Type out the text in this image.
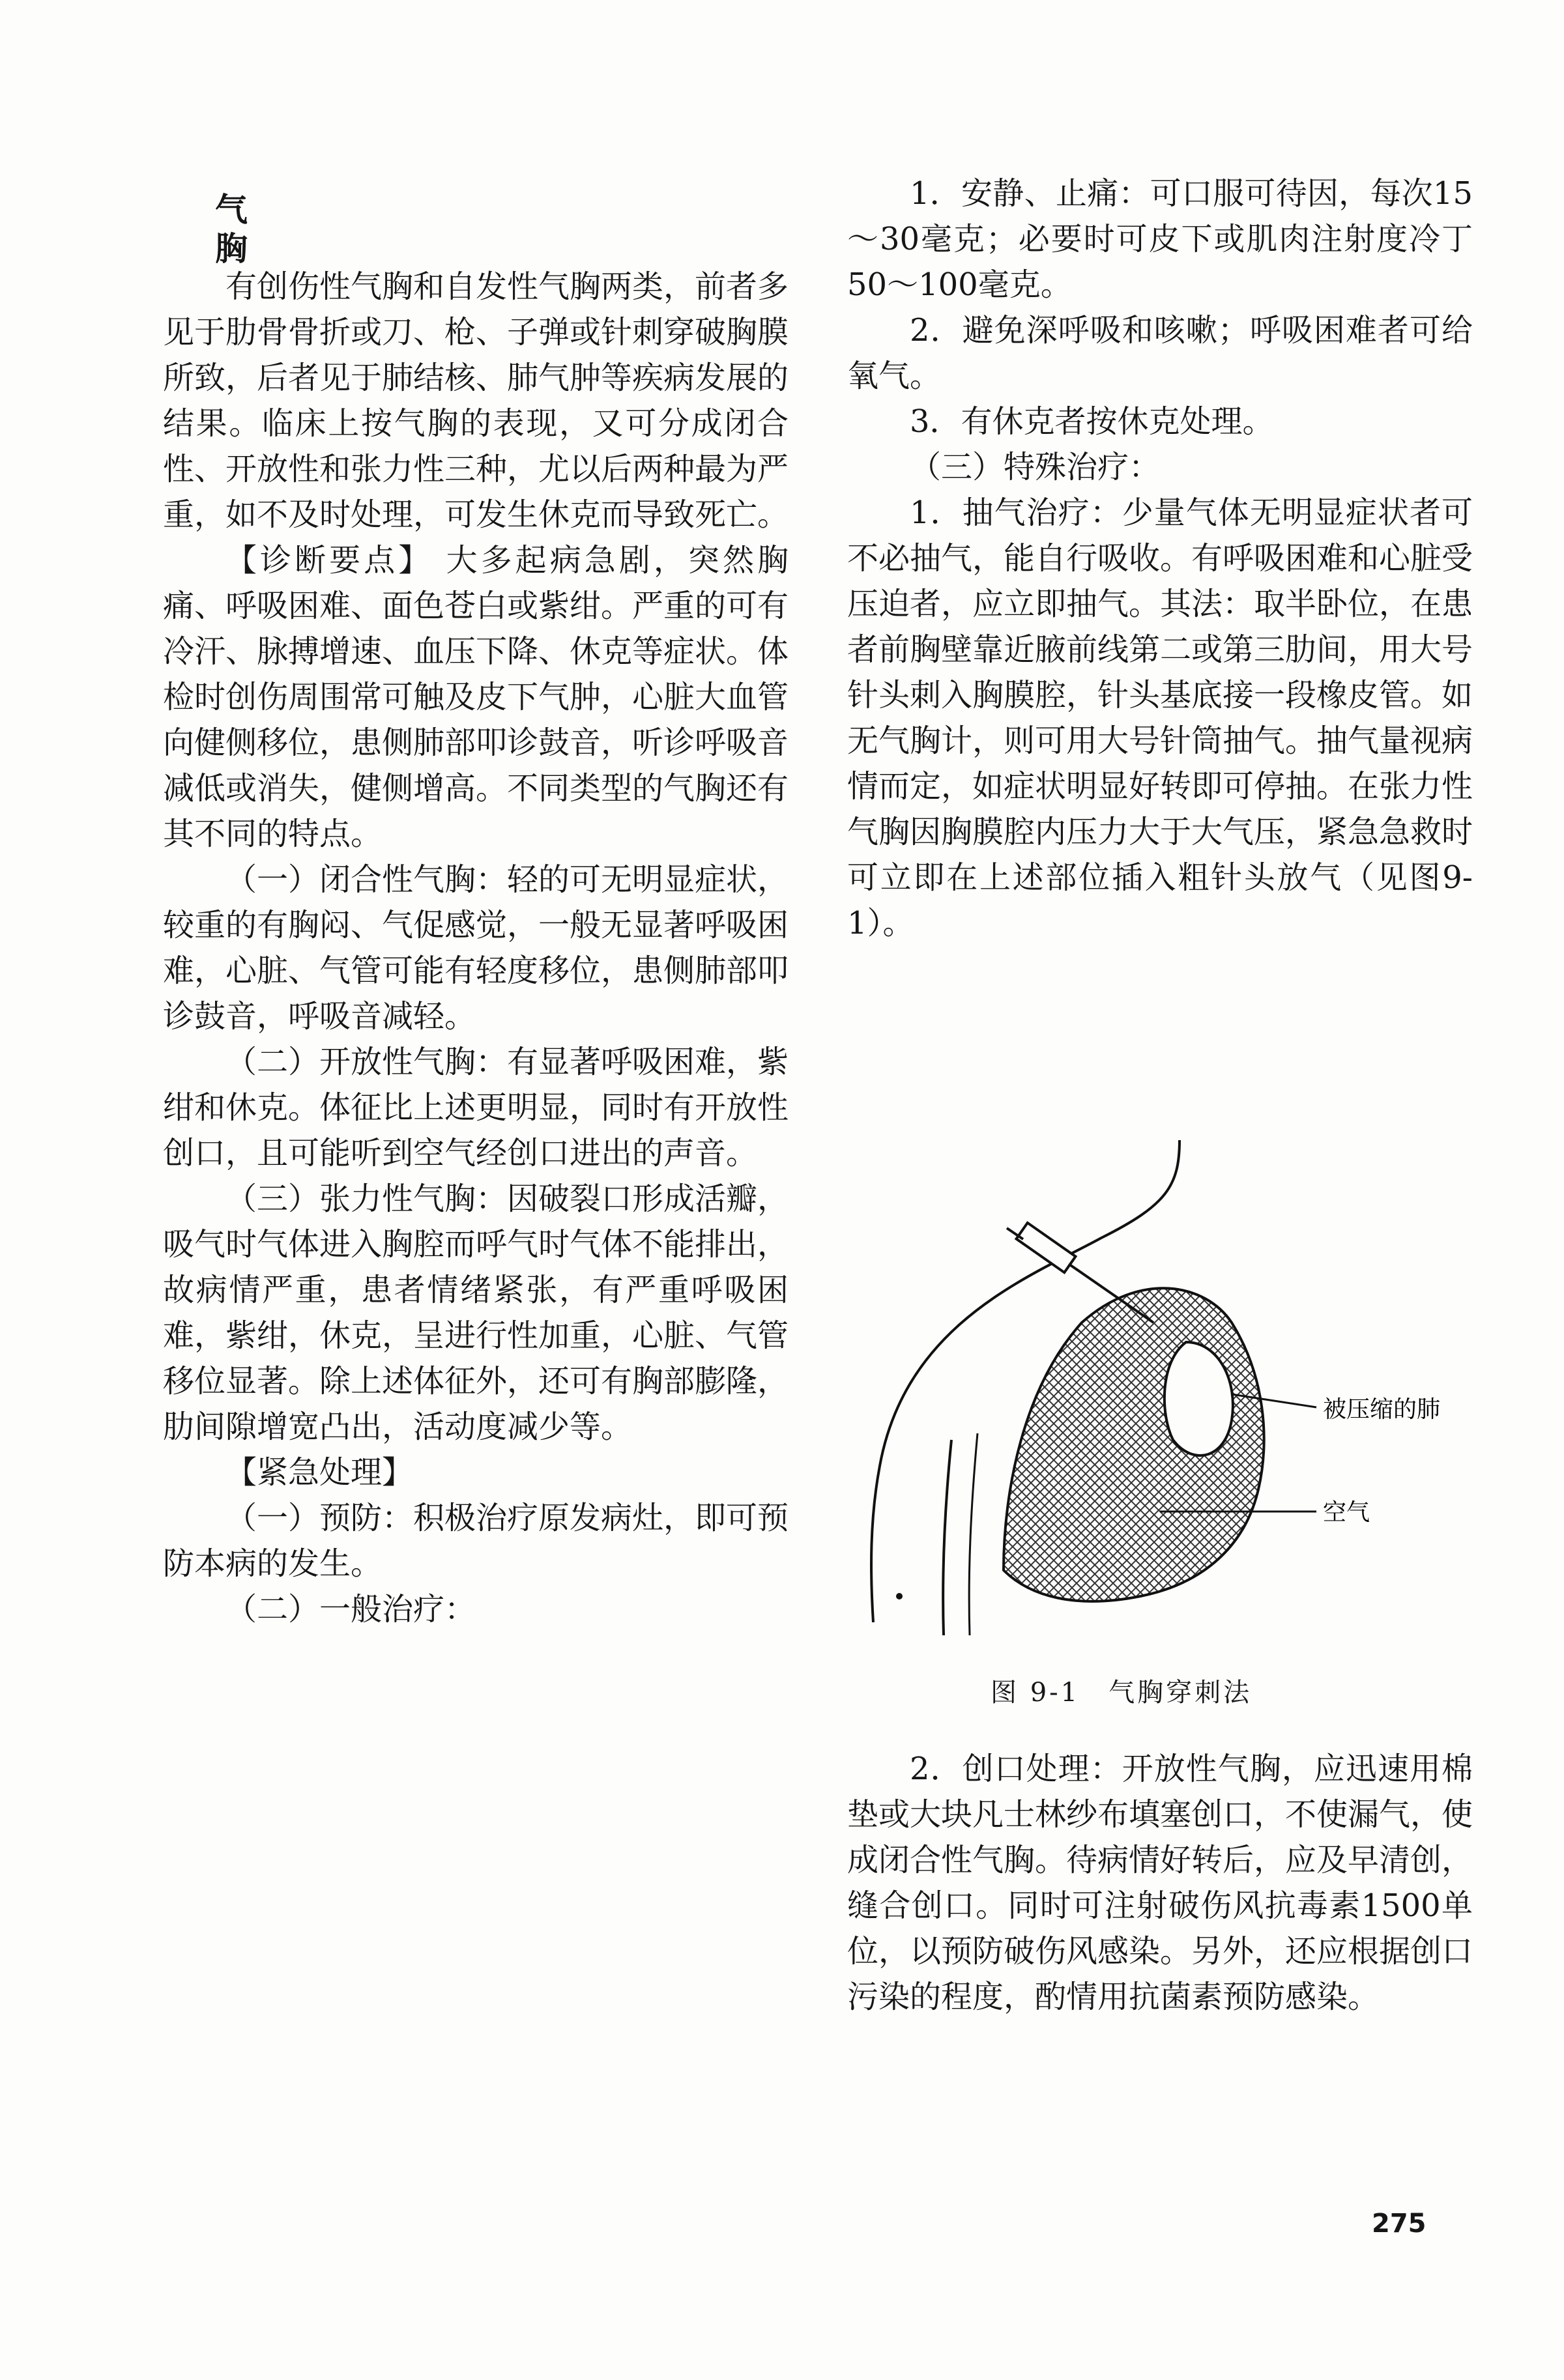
气　胸

有创伤性气胸和自发性气胸两类，前者多见于肋骨骨折或刀、枪、子弹或针刺穿破胸膜所致，后者见于肺结核、肺气肿等疾病发展的结果。临床上按气胸的表现，又可分成闭合性、开放性和张力性三种，尤以后两种最为严重，如不及时处理，可发生休克而导致死亡。

【诊断要点】 大多起病急剧，突然胸痛、呼吸困难、面色苍白或紫绀。严重的可有冷汗、脉搏增速、血压下降、休克等症状。体检时创伤周围常可触及皮下气肿，心脏大血管向健侧移位，患侧肺部叩诊鼓音，听诊呼吸音减低或消失，健侧增高。不同类型的气胸还有其不同的特点。

（一）闭合性气胸：轻的可无明显症状，较重的有胸闷、气促感觉，一般无显著呼吸困难，心脏、气管可能有轻度移位，患侧肺部叩诊鼓音，呼吸音减轻。

（二）开放性气胸：有显著呼吸困难，紫绀和休克。体征比上述更明显，同时有开放性创口，且可能听到空气经创口进出的声音。

（三）张力性气胸：因破裂口形成活瓣，吸气时气体进入胸腔而呼气时气体不能排出，故病情严重，患者情绪紧张，有严重呼吸困难，紫绀，休克，呈进行性加重，心脏、气管移位显著。除上述体征外，还可有胸部膨隆，肋间隙增宽凸出，活动度减少等。

【紧急处理】

（一）预防：积极治疗原发病灶，即可预防本病的发生。

（二）一般治疗：

1．安静、止痛：可口服可待因，每次15～30毫克；必要时可皮下或肌肉注射度冷丁50～100毫克。

2．避免深呼吸和咳嗽；呼吸困难者可给氧气。

3．有休克者按休克处理。

（三）特殊治疗：

1．抽气治疗：少量气体无明显症状者可不必抽气，能自行吸收。有呼吸困难和心脏受压迫者，应立即抽气。其法：取半卧位，在患者前胸壁靠近腋前线第二或第三肋间，用大号针头刺入胸膜腔，针头基底接一段橡皮管。如无气胸计，则可用大号针筒抽气。抽气量视病情而定，如症状明显好转即可停抽。在张力性气胸因胸膜腔内压力大于大气压，紧急急救时可立即在上述部位插入粗针头放气（见图9-1）。

被压缩的肺
空气
图 9-1　气胸穿刺法

2．创口处理：开放性气胸，应迅速用棉垫或大块凡士林纱布填塞创口，不使漏气，使成闭合性气胸。待病情好转后，应及早清创，缝合创口。同时可注射破伤风抗毒素1500单位，以预防破伤风感染。另外，还应根据创口污染的程度，酌情用抗菌素预防感染。

275
